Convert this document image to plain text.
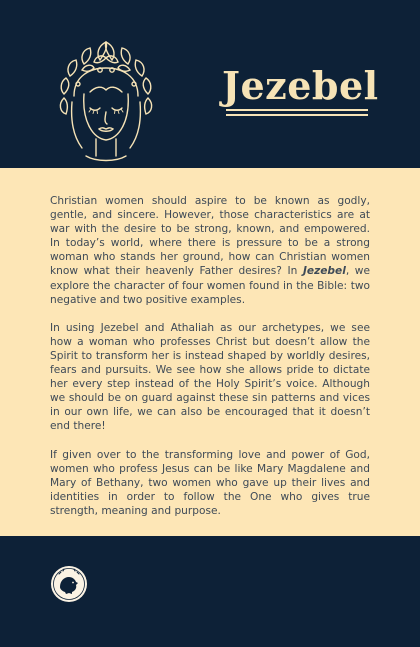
Jezebel

Christian women should aspire to be known as godly, gentle, and sincere. However, those characteristics are at war with the desire to be strong, known, and empowered. In today’s world, where there is pressure to be a strong woman who stands her ground, how can Christian women know what their heavenly Father desires? In Jezebel, we explore the character of four women found in the Bible: two negative and two positive examples.

In using Jezebel and Athaliah as our archetypes, we see how a woman who professes Christ but doesn’t allow the Spirit to transform her is instead shaped by worldly desires, fears and pursuits. We see how she allows pride to dictate her every step instead of the Holy Spirit’s voice. Although we should be on guard against these sin patterns and vices in our own life, we can also be encouraged that it doesn’t end there!

If given over to the transforming love and power of God, women who profess Jesus can be like Mary Magdalene and Mary of Bethany, two women who gave up their lives and identities in order to follow the One who gives true strength, meaning and purpose.
